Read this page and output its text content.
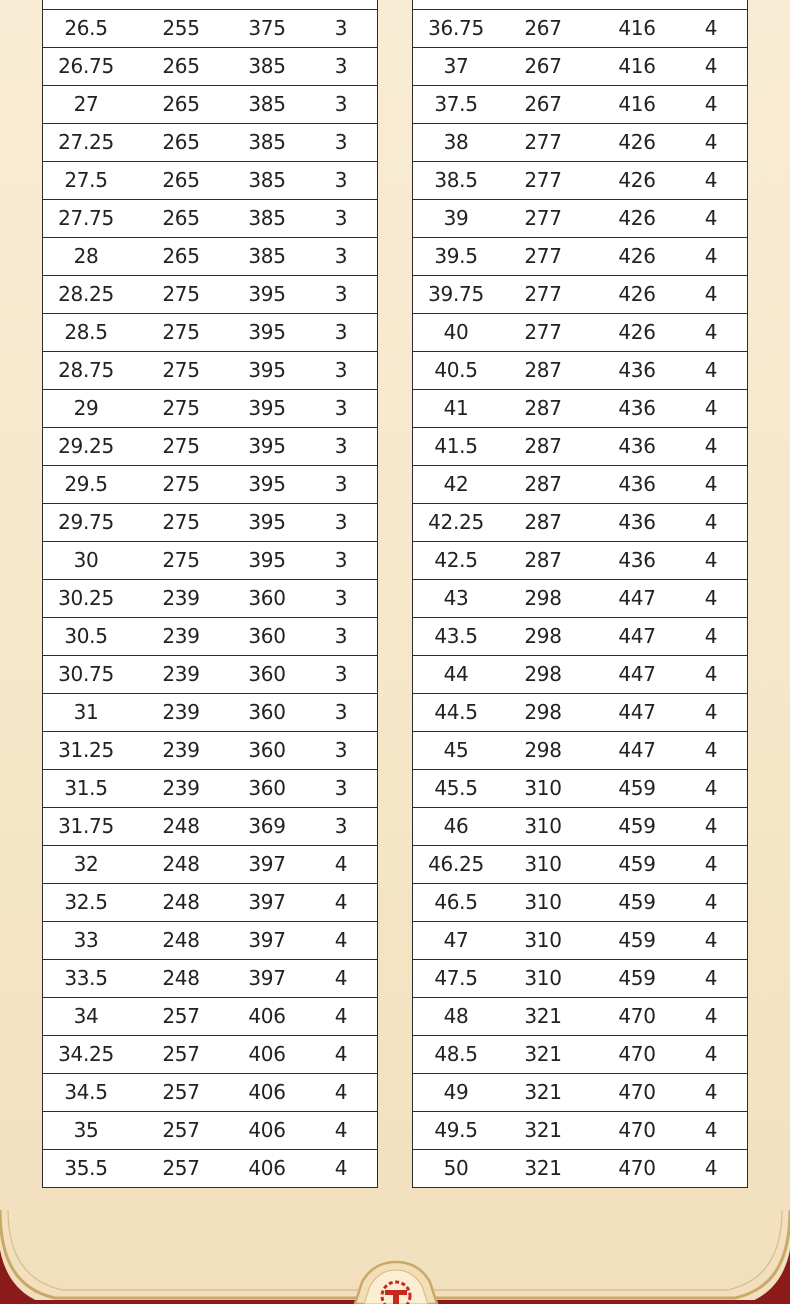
26.5	255	375	3
26.75	265	385	3
27	265	385	3
27.25	265	385	3
27.5	265	385	3
27.75	265	385	3
28	265	385	3
28.25	275	395	3
28.5	275	395	3
28.75	275	395	3
29	275	395	3
29.25	275	395	3
29.5	275	395	3
29.75	275	395	3
30	275	395	3
30.25	239	360	3
30.5	239	360	3
30.75	239	360	3
31	239	360	3
31.25	239	360	3
31.5	239	360	3
31.75	248	369	3
32	248	397	4
32.5	248	397	4
33	248	397	4
33.5	248	397	4
34	257	406	4
34.25	257	406	4
34.5	257	406	4
35	257	406	4
35.5	257	406	4
36.75	267	416	4
37	267	416	4
37.5	267	416	4
38	277	426	4
38.5	277	426	4
39	277	426	4
39.5	277	426	4
39.75	277	426	4
40	277	426	4
40.5	287	436	4
41	287	436	4
41.5	287	436	4
42	287	436	4
42.25	287	436	4
42.5	287	436	4
43	298	447	4
43.5	298	447	4
44	298	447	4
44.5	298	447	4
45	298	447	4
45.5	310	459	4
46	310	459	4
46.25	310	459	4
46.5	310	459	4
47	310	459	4
47.5	310	459	4
48	321	470	4
48.5	321	470	4
49	321	470	4
49.5	321	470	4
50	321	470	4
